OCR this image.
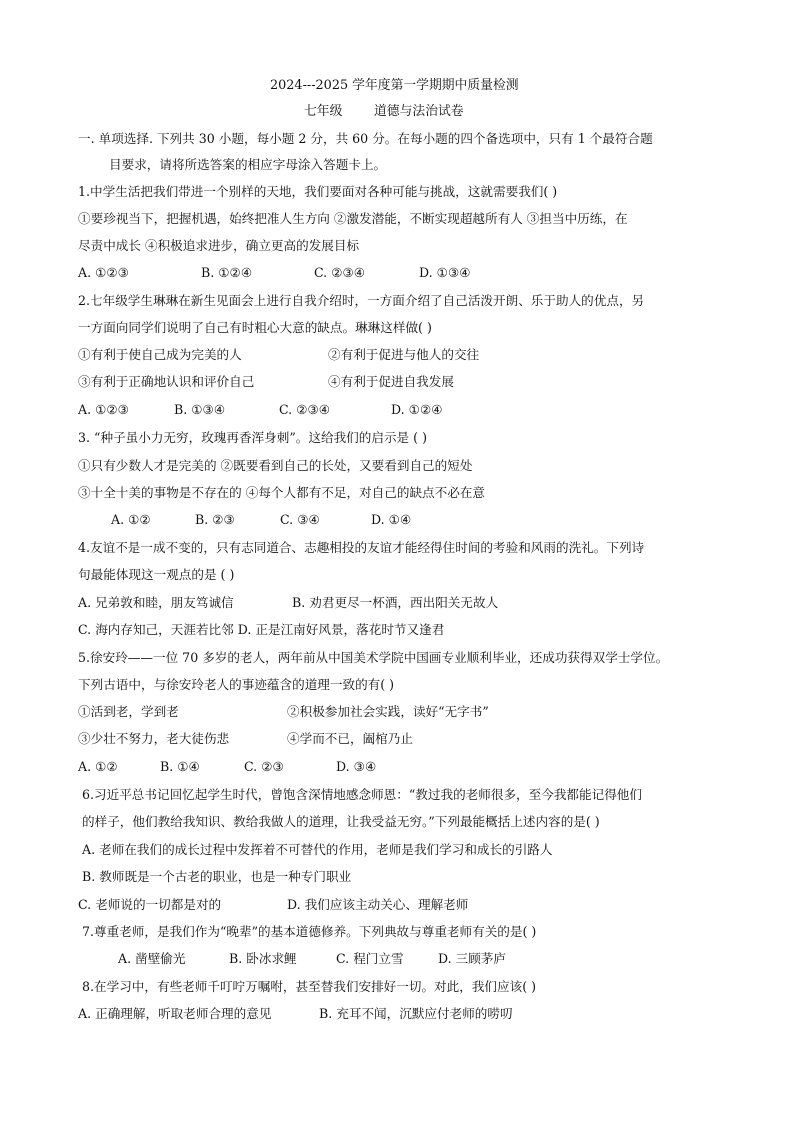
2024---2025 学年度第一学期期中质量检测
七年级 道德与法治试卷
一. 单项选择. 下列共 30 小题，每小题 2 分，共 60 分。在每小题的四个备选项中，只有 1 个最符合题
目要求，请将所选答案的相应字母涂入答题卡上。
1.中学生活把我们带进一个别样的天地，我们要面对各种可能与挑战，这就需要我们( )
①要珍视当下，把握机遇，始终把准人生方向 ②激发潜能，不断实现超越所有人 ③担当中历练，在
尽责中成长 ④积极追求进步，确立更高的发展目标
A. ①②③	B. ①②④	C. ②③④	D. ①③④
2.七年级学生琳琳在新生见面会上进行自我介绍时，一方面介绍了自己活泼开朗、乐于助人的优点，另
一方面向同学们说明了自己有时粗心大意的缺点。琳琳这样做( )
①有利于使自己成为完美的人	②有利于促进与他人的交往
③有利于正确地认识和评价自己	④有利于促进自我发展
A. ①②③	B. ①③④	C. ②③④	D. ①②④
3. “种子虽小力无穷，玫瑰再香浑身刺”。这给我们的启示是 ( )
①只有少数人才是完美的 ②既要看到自己的长处，又要看到自己的短处
③十全十美的事物是不存在的 ④每个人都有不足，对自己的缺点不必在意
A. ①②	B. ②③	C. ③④	D. ①④
4.友谊不是一成不变的，只有志同道合、志趣相投的友谊才能经得住时间的考验和风雨的洗礼。下列诗
句最能体现这一观点的是 ( )
A. 兄弟敦和睦，朋友笃诚信	B. 劝君更尽一杯酒，西出阳关无故人
C. 海内存知己，天涯若比邻 D. 正是江南好风景，落花时节又逢君
5.徐安玲——一位 70 多岁的老人，两年前从中国美术学院中国画专业顺利毕业，还成功获得双学士学位。
下列古语中，与徐安玲老人的事迹蕴含的道理一致的有( )
①活到老，学到老	②积极参加社会实践，读好“无字书”
③少壮不努力，老大徒伤悲	④学而不已，阖棺乃止
A. ①②	B. ①④	C. ②③	D. ③④
6.习近平总书记回忆起学生时代，曾饱含深情地感念师恩：“教过我的老师很多，至今我都能记得他们
的样子，他们教给我知识、教给我做人的道理，让我受益无穷。”下列最能概括上述内容的是( )
A. 老师在我们的成长过程中发挥着不可替代的作用，老师是我们学习和成长的引路人
B. 教师既是一个古老的职业，也是一种专门职业
C. 老师说的一切都是对的	D. 我们应该主动关心、理解老师
7.尊重老师，是我们作为“晚辈”的基本道德修养。下列典故与尊重老师有关的是( )
A. 凿壁偷光	B. 卧冰求鲤	C. 程门立雪	D. 三顾茅庐
8.在学习中，有些老师千叮咛万嘱咐，甚至替我们安排好一切。对此，我们应该( )
A. 正确理解，听取老师合理的意见	B. 充耳不闻，沉默应付老师的唠叨
